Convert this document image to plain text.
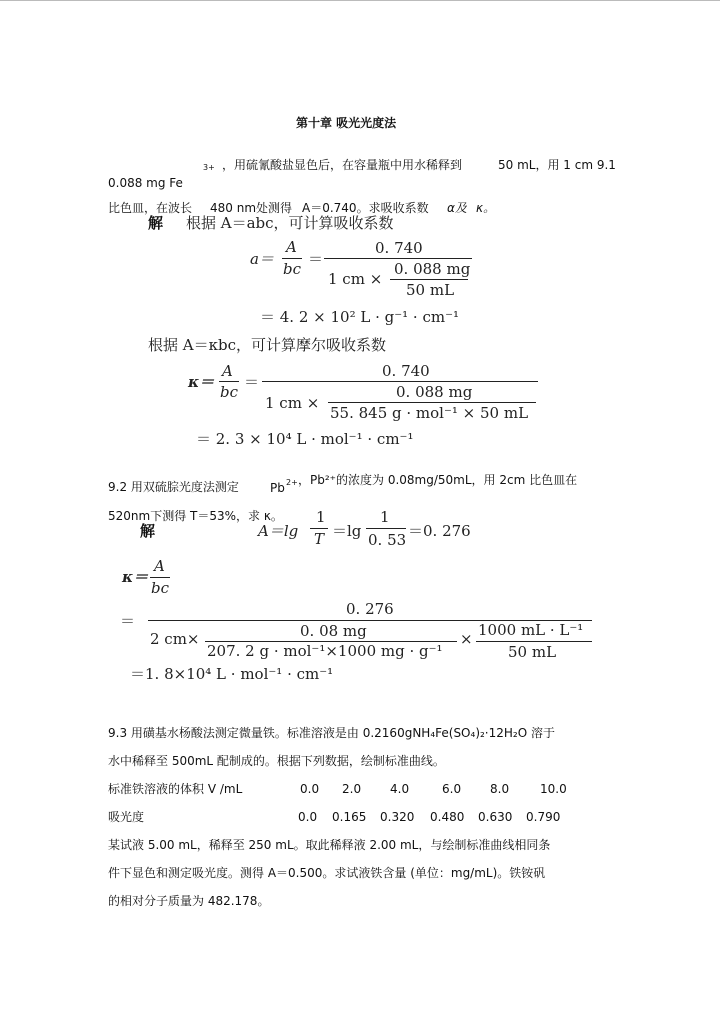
第十章 吸光光度法
3+ ，用硫氰酸盐显色后，在容量瓶中用水稀释到	50 mL，用 1 cm 9.1
0.088 mg Fe
比色皿，在波长 480 nm处测得 A＝0.740。求吸收系数 α及 κ。
解 根据 A＝abc，可计算吸收系数
a＝
A
bc
＝
0. 740
1 cm ×
0. 088 mg
50 mL
＝ 4. 2 × 10² L · g⁻¹ · cm⁻¹
根据 A＝κbc，可计算摩尔吸收系数
κ＝
A
bc
＝
0. 740
1 cm ×
0. 088 mg
55. 845 g · mol⁻¹ × 50 mL
＝ 2. 3 × 10⁴ L · mol⁻¹ · cm⁻¹
9.2 用双硫腙光度法测定	Pb 2+ ，Pb²⁺的浓度为 0.08mg/50mL，用 2cm 比色皿在
520nm下测得 T＝53%，求 κ。
解	A＝lg
1
T ＝lg
1
0. 53 ＝0. 276
κ＝
A
bc
＝
0. 276
2 cm×	0. 08 mg
207. 2 g · mol⁻¹×1000 mg · g⁻¹
× 1000 mL · L⁻¹
50 mL
＝1. 8×10⁴ L · mol⁻¹ · cm⁻¹
9.3 用磺基水杨酸法测定微量铁。标准溶液是由 0.2160gNH₄Fe(SO₄)₂·12H₂O 溶于
水中稀释至 500mL 配制成的。根据下列数据，绘制标准曲线。
标准铁溶液的体积 V /mL	0.0 2.0 4.0	6.0 8.0	10.0
吸光度	0.0 0.165 0.320 0.480 0.630 0.790
某试液 5.00 mL，稀释至 250 mL。取此稀释液 2.00 mL，与绘制标准曲线相同条
件下显色和测定吸光度。测得 A＝0.500。求试液铁含量 (单位：mg/mL)。铁铵矾
的相对分子质量为 482.178。
